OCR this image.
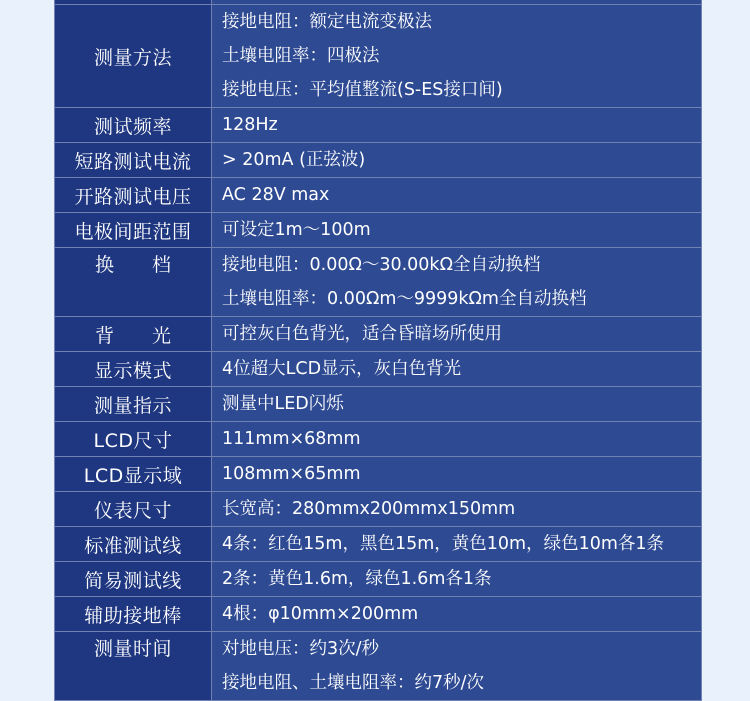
测量方法	接地电阻：额定电流变极法
土壤电阻率：四极法
接地电压：平均值整流(S-ES接口间)

测试频率	128Hz

短路测试电流	> 20mA (正弦波)

开路测试电压	AC 28V max

电极间距范围	可设定1m～100m

换　　档	接地电阻：0.00Ω～30.00kΩ全自动换档
土壤电阻率：0.00Ωm～9999kΩm全自动换档

背　　光	可控灰白色背光，适合昏暗场所使用

显示模式	4位超大LCD显示，灰白色背光

测量指示	测量中LED闪烁

LCD尺寸	111mm×68mm

LCD显示域	108mm×65mm

仪表尺寸	长宽高：280mmx200mmx150mm

标准测试线	4条：红色15m，黑色15m，黄色10m，绿色10m各1条

简易测试线	2条：黄色1.6m，绿色1.6m各1条

辅助接地棒	4根：φ10mm×200mm

测量时间	对地电压：约3次/秒
接地电阻、土壤电阻率：约7秒/次
